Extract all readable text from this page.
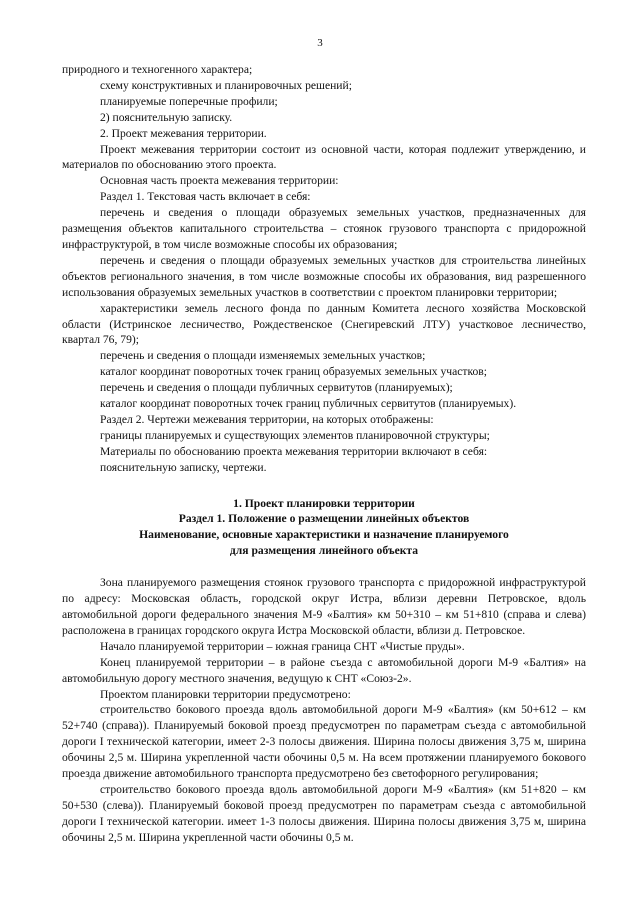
3

природного и техногенного характера;

схему конструктивных и планировочных решений;

планируемые поперечные профили;

2) пояснительную записку.

2. Проект межевания территории.

Проект межевания территории состоит из основной части, которая подлежит утверждению, и материалов по обоснованию этого проекта.

Основная часть проекта межевания территории:

Раздел 1. Текстовая часть включает в себя:

перечень и сведения о площади образуемых земельных участков, предназначенных для размещения объектов капитального строительства – стоянок грузового транспорта с придорожной инфраструктурой, в том числе возможные способы их образования;

перечень и сведения о площади образуемых земельных участков для строительства линейных объектов регионального значения, в том числе возможные способы их образования, вид разрешенного использования образуемых земельных участков в соответствии с проектом планировки территории;

характеристики земель лесного фонда по данным Комитета лесного хозяйства Московской области (Истринское лесничество, Рождественское (Снегиревский ЛТУ) участковое лесничество, квартал 76, 79);

перечень и сведения о площади изменяемых земельных участков;

каталог координат поворотных точек границ образуемых земельных участков;

перечень и сведения о площади публичных сервитутов (планируемых);

каталог координат поворотных точек границ публичных сервитутов (планируемых).

Раздел 2. Чертежи межевания территории, на которых отображены:

границы планируемых и существующих элементов планировочной структуры;

Материалы по обоснованию проекта межевания территории включают в себя:

пояснительную записку, чертежи.

1. Проект планировки территории
Раздел 1. Положение о размещении линейных объектов
Наименование, основные характеристики и назначение планируемого
для размещения линейного объекта

Зона планируемого размещения стоянок грузового транспорта с придорожной инфраструктурой по адресу: Московская область, городской округ Истра, вблизи деревни Петровское, вдоль автомобильной дороги федерального значения М-9 «Балтия» км 50+310 – км 51+810 (справа и слева) расположена в границах городского округа Истра Московской области, вблизи д. Петровское.

Начало планируемой территории – южная граница СНТ «Чистые пруды».

Конец планируемой территории – в районе съезда с автомобильной дороги М-9 «Балтия» на автомобильную дорогу местного значения, ведущую к СНТ «Союз-2».

Проектом планировки территории предусмотрено:

строительство бокового проезда вдоль автомобильной дороги М-9 «Балтия» (км 50+612 – км 52+740 (справа)). Планируемый боковой проезд предусмотрен по параметрам съезда с автомобильной дороги I технической категории, имеет 2-3 полосы движения. Ширина полосы движения 3,75 м, ширина обочины 2,5 м. Ширина укрепленной части обочины 0,5 м. На всем протяжении планируемого бокового проезда движение автомобильного транспорта предусмотрено без светофорного регулирования;

строительство бокового проезда вдоль автомобильной дороги М-9 «Балтия» (км 51+820 – км 50+530 (слева)). Планируемый боковой проезд предусмотрен по параметрам съезда с автомобильной дороги I технической категории. имеет 1-3 полосы движения. Ширина полосы движения 3,75 м, ширина обочины 2,5 м. Ширина укрепленной части обочины 0,5 м.
